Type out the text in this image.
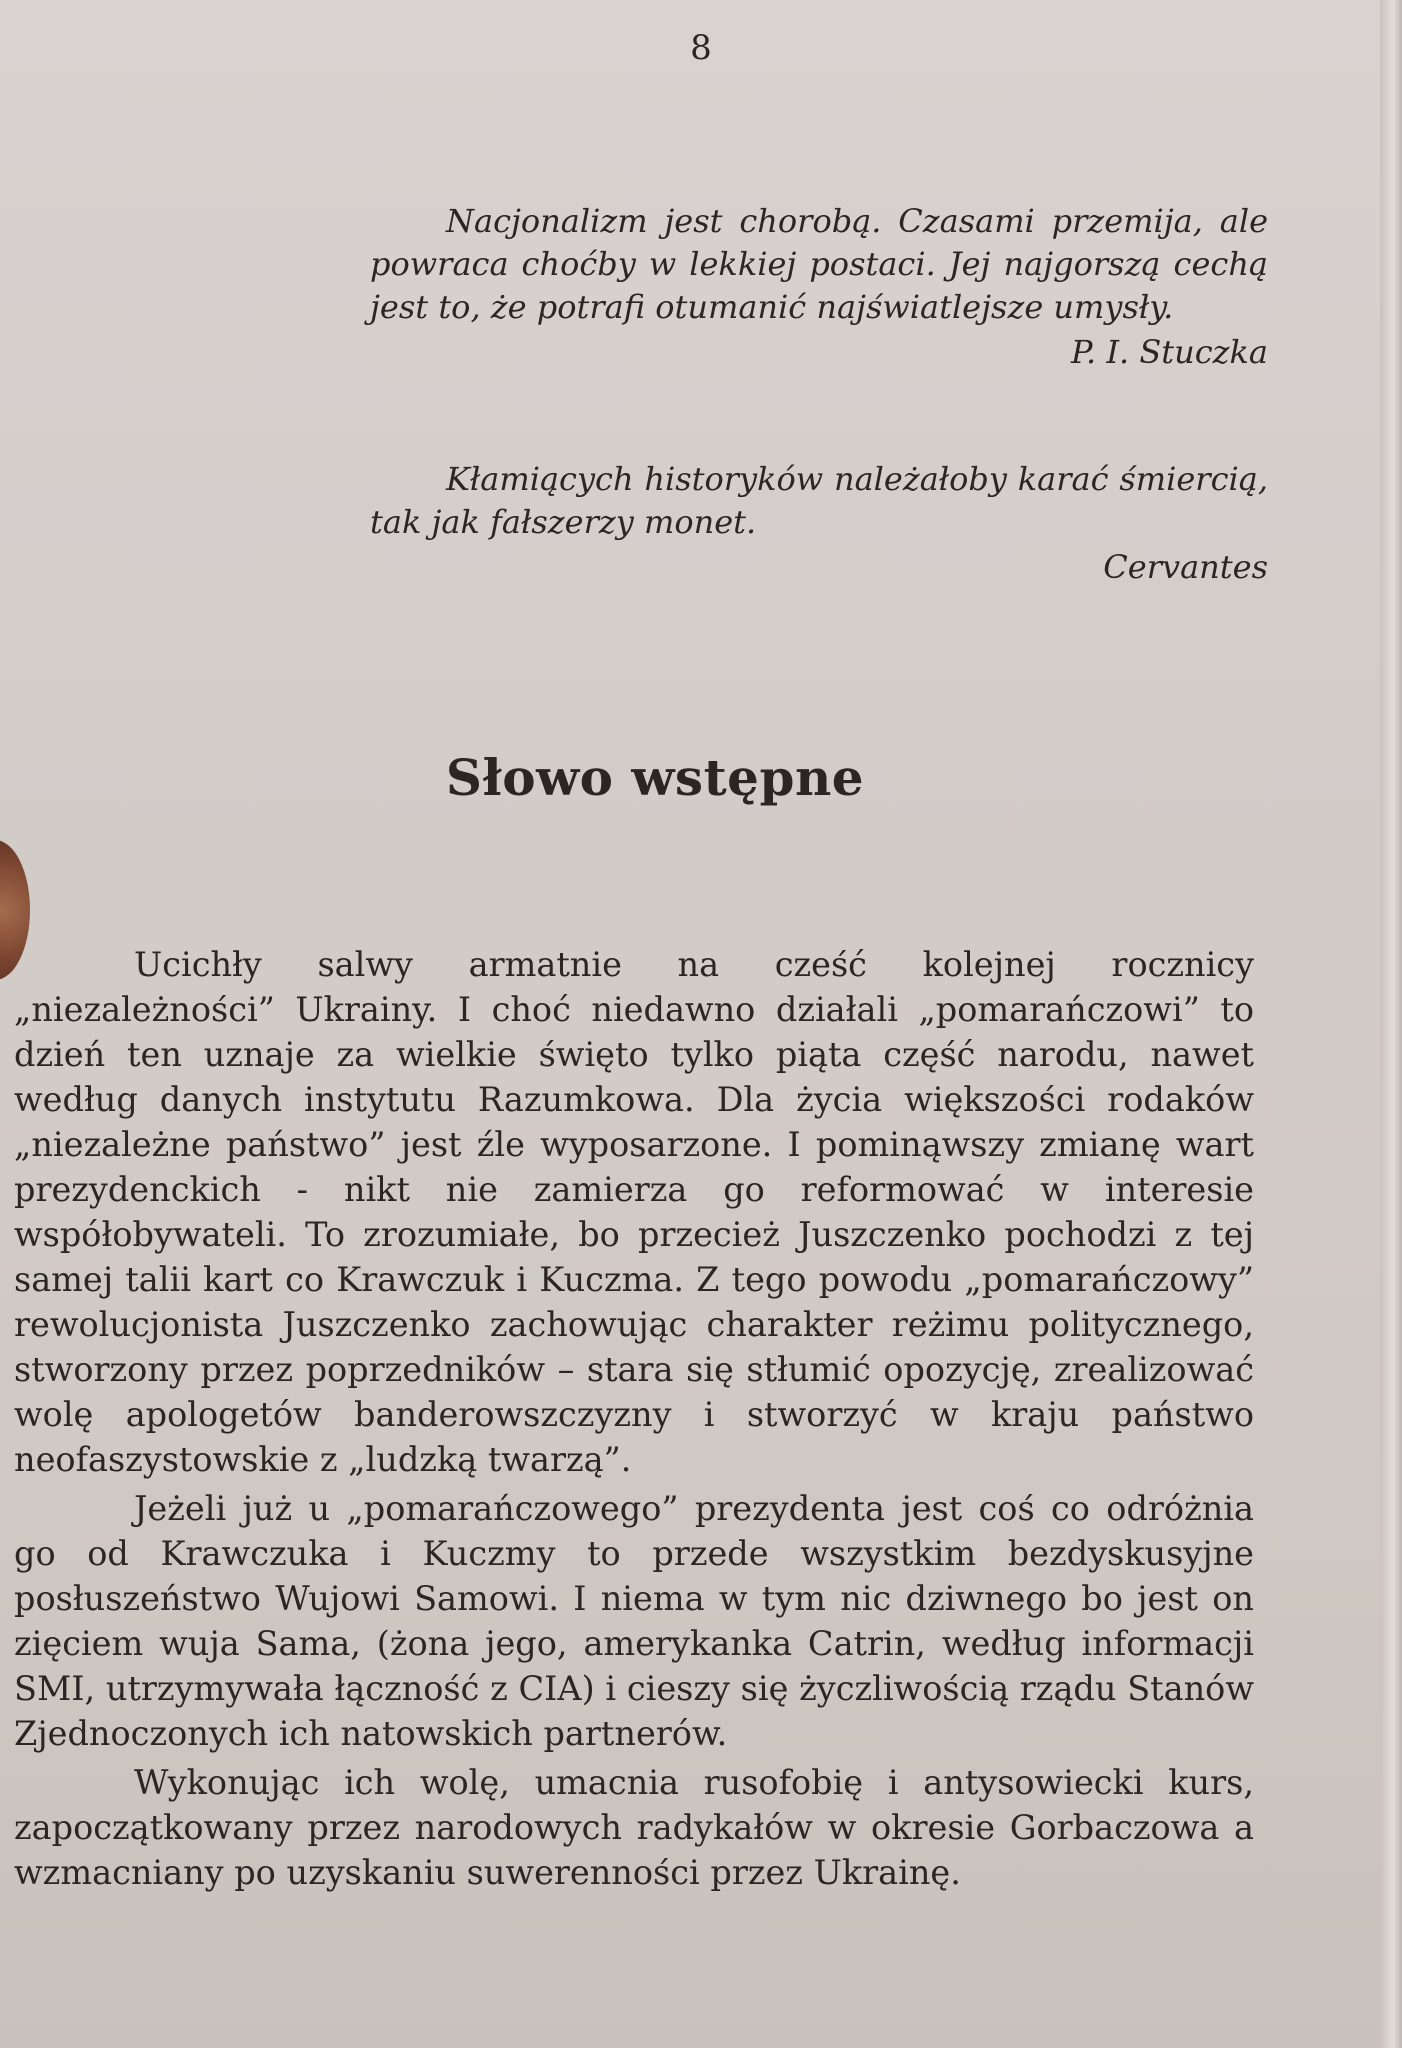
8

Nacjonalizm jest chorobą. Czasami przemija, ale powraca choćby w lekkiej postaci. Jej najgorszą cechą jest to, że potrafi otumanić najświatlejsze umysły.

P. I. Stuczka

Kłamiących historyków należałoby karać śmiercią, tak jak fałszerzy monet.

Cervantes

Słowo wstępne

Ucichły salwy armatnie na cześć kolejnej rocznicy „niezależności” Ukrainy. I choć niedawno działali „pomarańczowi” to dzień ten uznaje za wielkie święto tylko piąta część narodu, nawet według danych instytutu Razumkowa. Dla życia większości rodaków „niezależne państwo” jest źle wyposarzone. I pominąwszy zmianę wart prezydenckich - nikt nie zamierza go reformować w interesie współobywateli. To zrozumiałe, bo przecież Juszczenko pochodzi z tej samej talii kart co Krawczuk i Kuczma. Z tego powodu „pomarańczowy” rewolucjonista Juszczenko zachowując charakter reżimu politycznego, stworzony przez poprzedników – stara się stłumić opozycję, zrealizować wolę apologetów banderowszczyzny i stworzyć w kraju państwo neofaszystowskie z „ludzką twarzą”.

Jeżeli już u „pomarańczowego” prezydenta jest coś co odróżnia go od Krawczuka i Kuczmy to przede wszystkim bezdyskusyjne posłuszeństwo Wujowi Samowi. I niema w tym nic dziwnego bo jest on zięciem wuja Sama, (żona jego, amerykanka Catrin, według informacji SMI, utrzymywała łączność z CIA) i cieszy się życzliwością rządu Stanów Zjednoczonych ich natowskich partnerów.

Wykonując ich wolę, umacnia rusofobię i antysowiecki kurs, zapoczątkowany przez narodowych radykałów w okresie Gorbaczowa a wzmacniany po uzyskaniu suwerenności przez Ukrainę.
